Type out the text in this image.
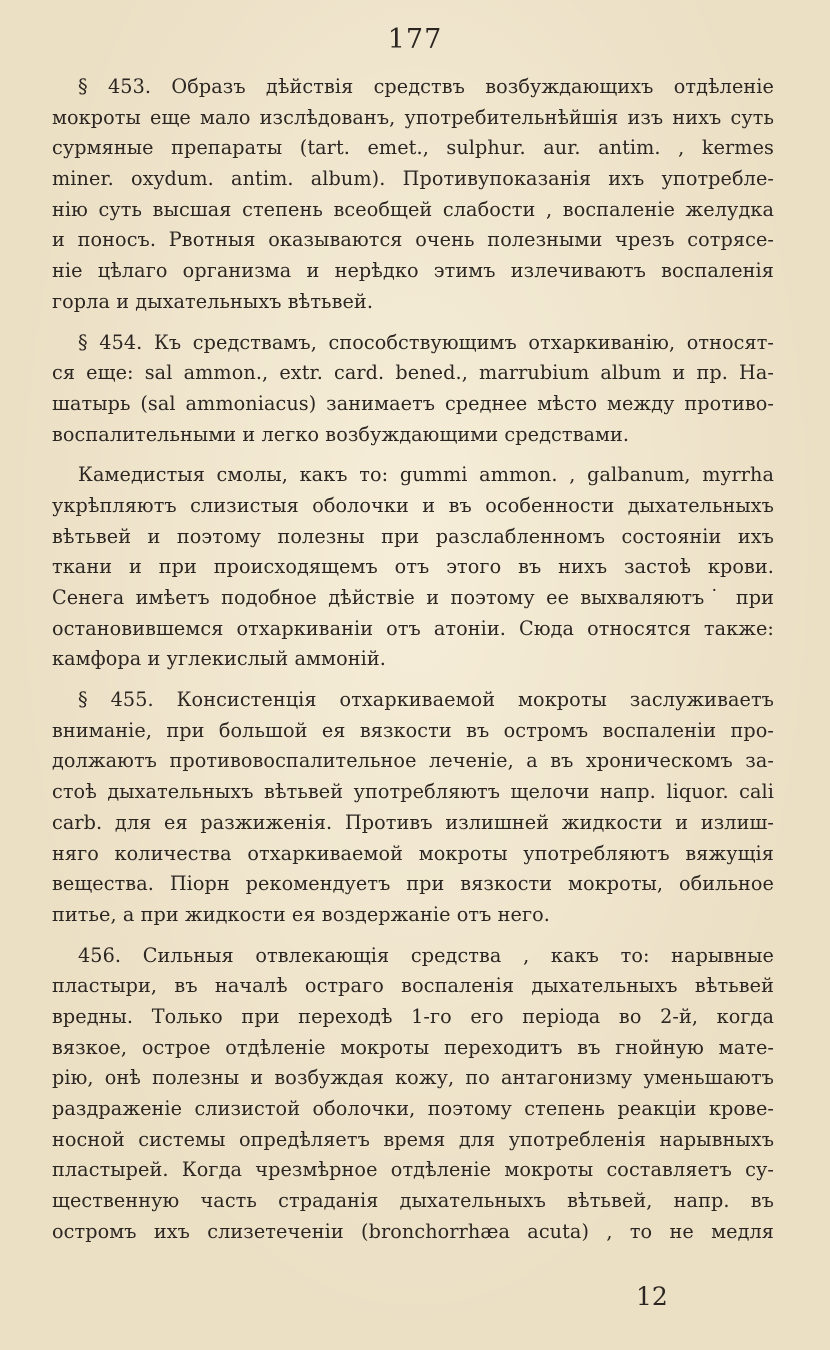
177
§ 453. Образъ дѣйствія средствъ возбуждающихъ отдѣленіе
мокроты еще мало изслѣдованъ, употребительнѣйшія изъ нихъ суть
сурмяные препараты (tart. emet., sulphur. aur. antim. , kermes
miner. oxydum. antim. album). Противупоказанія ихъ употребле-
нію суть высшая степень всеобщей слабости , воспаленіе желудка
и поносъ. Рвотныя оказываются очень полезными чрезъ сотрясе-
ніе цѣлаго организма и нерѣдко этимъ излечиваютъ воспаленія
горла и дыхательныхъ вѣтьвей.
§ 454. Къ средствамъ, способствующимъ отхаркиванію, относят-
ся еще: sal ammon., extr. card. bened., marrubium album и пр. На-
шатырь (sal ammoniacus) занимаетъ среднее мѣсто между противо-
воспалительными и легко возбуждающими средствами.
Камедистыя смолы, какъ то: gummi ammon. , galbanum, myrrha
укрѣпляютъ слизистыя оболочки и въ особенности дыхательныхъ
вѣтьвей и поэтому полезны при разслабленномъ состояніи ихъ
ткани и при происходящемъ отъ этого въ нихъ застоѣ крови.
Сенега имѣетъ подобное дѣйствіе и поэтому ее выхваляютъ˙ при
остановившемся отхаркиваніи отъ атоніи. Сюда относятся также:
камфора и углекислый аммоній.
§ 455. Консистенція отхаркиваемой мокроты заслуживаетъ
вниманіе, при большой ея вязкости въ остромъ воспаленіи про-
должаютъ противовоспалительное леченіе, а въ хроническомъ за-
стоѣ дыхательныхъ вѣтьвей употребляютъ щелочи напр. liquor. cali
carb. для ея разжиженія. Противъ излишней жидкости и излиш-
няго количества отхаркиваемой мокроты употребляютъ вяжущія
вещества. Піорн рекомендуетъ при вязкости мокроты, обильное
питье, а при жидкости ея воздержаніе отъ него.
456. Сильныя отвлекающія средства , какъ то: нарывные
пластыри, въ началѣ остраго воспаленія дыхательныхъ вѣтьвей
вредны. Только при переходѣ 1-го его періода во 2-й, когда
вязкое, острое отдѣленіе мокроты переходитъ въ гнойную мате-
рію, онѣ полезны и возбуждая кожу, по антагонизму уменьшаютъ
раздраженіе слизистой оболочки, поэтому степень реакціи крове-
носной системы опредѣляетъ время для употребленія нарывныхъ
пластырей. Когда чрезмѣрное отдѣленіе мокроты составляетъ су-
щественную часть страданія дыхательныхъ вѣтьвей, напр. въ
остромъ ихъ слизетеченіи (bronchorrhæa acuta) , то не медля
12
